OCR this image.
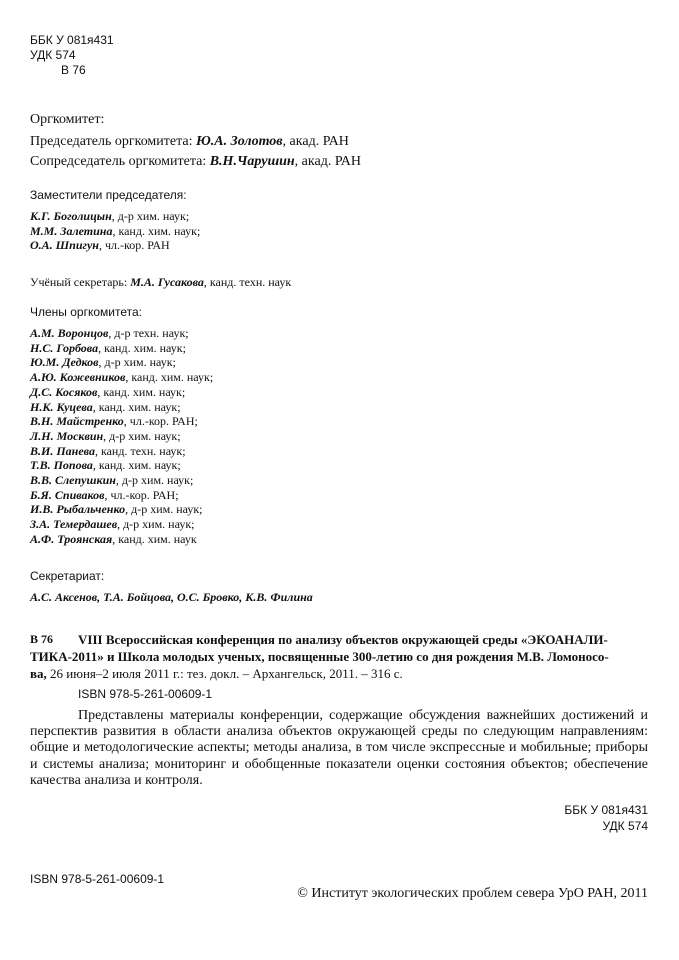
ББК У 081я431
УДК 574
В 76
Оргкомитет:
Председатель оргкомитета: Ю.А. Золотов, акад. РАН
Сопредседатель оргкомитета: В.Н.Чарушин, акад. РАН
Заместители председателя:
К.Г. Боголицын, д-р хим. наук;
М.М. Залетина, канд. хим. наук;
О.А. Шпигун, чл.-кор. РАН
Учёный секретарь: М.А. Гусакова, канд. техн. наук
Члены оргкомитета:
А.М. Воронцов, д-р техн. наук;
Н.С. Горбова, канд. хим. наук;
Ю.М. Дедков, д-р хим. наук;
А.Ю. Кожевников, канд. хим. наук;
Д.С. Косяков, канд. хим. наук;
Н.К. Куцева, канд. хим. наук;
В.Н. Майстренко, чл.-кор. РАН;
Л.Н. Москвин, д-р хим. наук;
В.И. Панева, канд. техн. наук;
Т.В. Попова, канд. хим. наук;
В.В. Слепушкин, д-р хим. наук;
Б.Я. Спиваков, чл.-кор. РАН;
И.В. Рыбальченко, д-р хим. наук;
З.А. Темердашев, д-р хим. наук;
А.Ф. Троянская, канд. хим. наук
Секретариат:
А.С. Аксенов, Т.А. Бойцова, О.С. Бровко, К.В. Филина
В 76 VIII Всероссийская конференция по анализу объектов окружающей среды «ЭКОАНАЛИ-
ТИКА-2011» и Школа молодых ученых, посвященные 300-летию со дня рождения М.В. Ломоносо-
ва, 26 июня–2 июля 2011 г.: тез. докл. – Архангельск, 2011. – 316 с.
ISBN 978-5-261-00609-1
Представлены материалы конференции, содержащие обсуждения важнейших достижений и перспектив развития в области анализа объектов окружающей среды по следующим направлениям: общие и методологические аспекты; методы анализа, в том числе экспрессные и мобильные; приборы и системы анализа; мониторинг и обобщенные показатели оценки состояния объектов; обеспечение качества анализа и контроля.
ББК У 081я431
УДК 574
ISBN 978-5-261-00609-1
© Институт экологических проблем севера УрО РАН, 2011
